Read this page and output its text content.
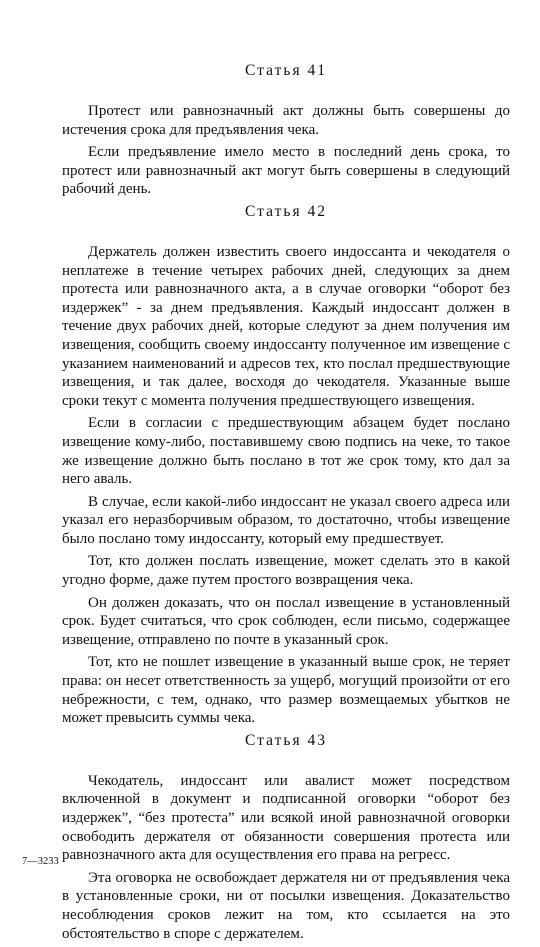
Статья 41

Протест или равнозначный акт должны быть совершены до истечения срока для предъявления чека.

Если предъявление имело место в последний день срока, то протест или равнозначный акт могут быть совершены в следующий рабочий день.

Статья 42

Держатель должен известить своего индоссанта и чекодателя о неплатеже в течение четырех рабочих дней, следующих за днем протеста или равнозначного акта, а в случае оговорки “оборот без издержек” - за днем предъявления. Каждый индоссант должен в течение двух рабочих дней, которые следуют за днем получения им извещения, сообщить своему индоссанту полученное им извещение с указанием наименований и адресов тех, кто послал предшествующие извещения, и так далее, восходя до чекодателя. Указанные выше сроки текут с момента получения предшествующего извещения.

Если в согласии с предшествующим абзацем будет послано извещение кому-либо, поставившему свою подпись на чеке, то такое же извещение должно быть послано в тот же срок тому, кто дал за него аваль.

В случае, если какой-либо индоссант не указал своего адреса или указал его неразборчивым образом, то достаточно, чтобы извещение было послано тому индоссанту, который ему предшествует.

Тот, кто должен послать извещение, может сделать это в какой угодно форме, даже путем простого возвращения чека.

Он должен доказать, что он послал извещение в установленный срок. Будет считаться, что срок соблюден, если письмо, содержащее извещение, отправлено по почте в указанный срок.

Тот, кто не пошлет извещение в указанный выше срок, не теряет права: он несет ответственность за ущерб, могущий произойти от его небрежности, с тем, однако, что размер возмещаемых убытков не может превысить суммы чека.

Статья 43

Чекодатель, индоссант или авалист может посредством включенной в документ и подписанной оговорки “оборот без издержек”, “без протеста” или всякой иной равнозначной оговорки освободить держателя от обязанности совершения протеста или равнозначного акта для осуществления его права на регресс.

Эта оговорка не освобождает держателя ни от предъявления чека в установленные сроки, ни от посылки извещения. Доказательство несоблюдения сроков лежит на том, кто ссылается на это обстоятельство в споре с держателем.

7—3233
